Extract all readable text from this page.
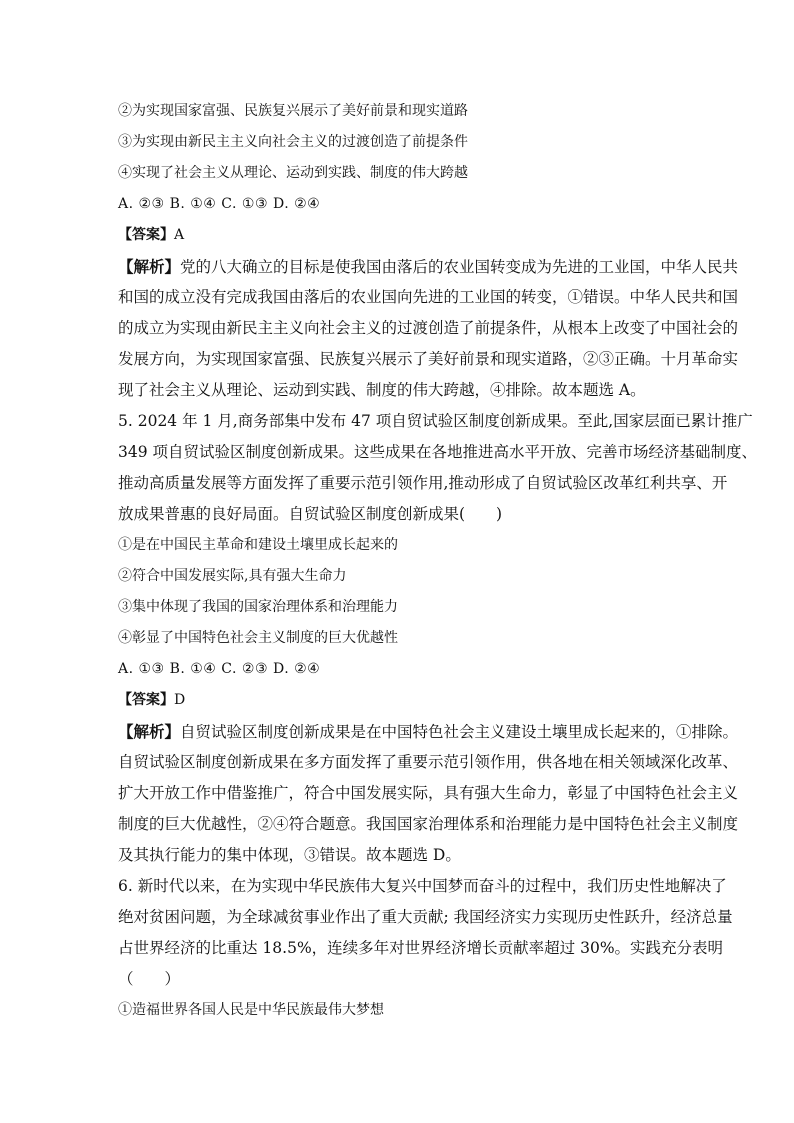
②为实现国家富强、民族复兴展示了美好前景和现实道路
③为实现由新民主主义向社会主义的过渡创造了前提条件
④实现了社会主义从理论、运动到实践、制度的伟大跨越
A. ②③ B. ①④ C. ①③ D. ②④
【答案】A
【解析】党的八大确立的目标是使我国由落后的农业国转变成为先进的工业国，中华人民共
和国的成立没有完成我国由落后的农业国向先进的工业国的转变，①错误。中华人民共和国
的成立为实现由新民主主义向社会主义的过渡创造了前提条件，从根本上改变了中国社会的
发展方向，为实现国家富强、民族复兴展示了美好前景和现实道路，②③正确。十月革命实
现了社会主义从理论、运动到实践、制度的伟大跨越，④排除。故本题选 A。
5. 2024 年 1 月,商务部集中发布 47 项自贸试验区制度创新成果。至此,国家层面已累计推广
349 项自贸试验区制度创新成果。这些成果在各地推进高水平开放、完善市场经济基础制度、
推动高质量发展等方面发挥了重要示范引领作用,推动形成了自贸试验区改革红利共享、开
放成果普惠的良好局面。自贸试验区制度创新成果(　　)
①是在中国民主革命和建设土壤里成长起来的
②符合中国发展实际,具有强大生命力
③集中体现了我国的国家治理体系和治理能力
④彰显了中国特色社会主义制度的巨大优越性
A. ①③ B. ①④ C. ②③ D. ②④
【答案】D
【解析】自贸试验区制度创新成果是在中国特色社会主义建设土壤里成长起来的，①排除。
自贸试验区制度创新成果在多方面发挥了重要示范引领作用，供各地在相关领域深化改革、
扩大开放工作中借鉴推广，符合中国发展实际，具有强大生命力，彰显了中国特色社会主义
制度的巨大优越性，②④符合题意。我国国家治理体系和治理能力是中国特色社会主义制度
及其执行能力的集中体现，③错误。故本题选 D。
6. 新时代以来，在为实现中华民族伟大复兴中国梦而奋斗的过程中，我们历史性地解决了
绝对贫困问题，为全球减贫事业作出了重大贡献; 我国经济实力实现历史性跃升，经济总量
占世界经济的比重达 18.5%，连续多年对世界经济增长贡献率超过 30%。实践充分表明
（　　）
①造福世界各国人民是中华民族最伟大梦想
